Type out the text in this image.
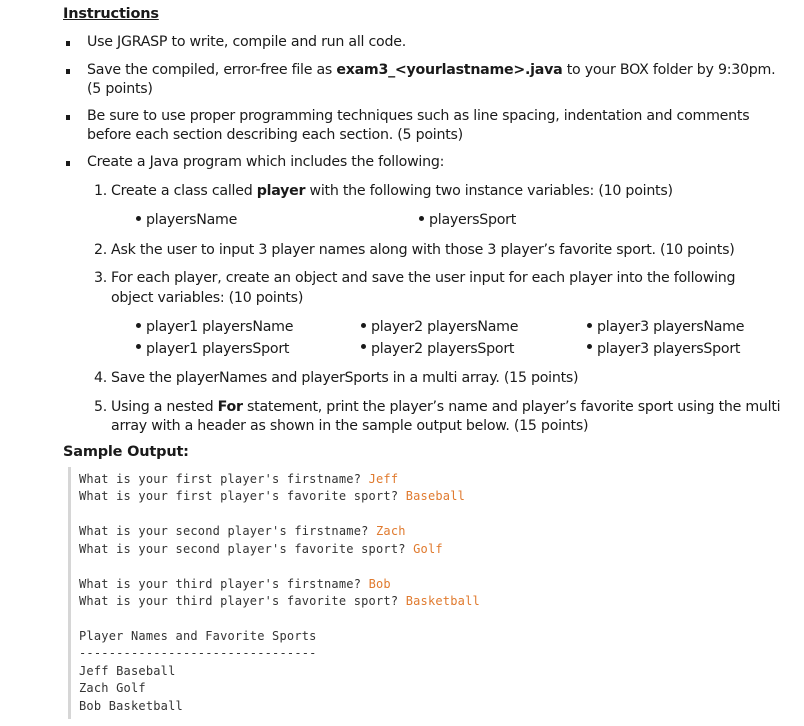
Instructions
Use JGRASP to write, compile and run all code.
Save the compiled, error-free file as exam3_<yourlastname>.java to your BOX folder by 9:30pm.
(5 points)
Be sure to use proper programming techniques such as line spacing, indentation and comments
before each section describing each section. (5 points)
Create a Java program which includes the following:
1. Create a class called player with the following two instance variables: (10 points)
playersName	playersSport
2. Ask the user to input 3 player names along with those 3 player’s favorite sport. (10 points)
3. For each player, create an object and save the user input for each player into the following
object variables: (10 points)
player1 playersName
player1 playersSport
player2 playersName
player2 playersSport
player3 playersName
player3 playersSport
4. Save the playerNames and playerSports in a multi array. (15 points)
5. Using a nested For statement, print the player’s name and player’s favorite sport using the multi
array with a header as shown in the sample output below. (15 points)
Sample Output:
What is your first player's firstname? Jeff
What is your first player's favorite sport? Baseball
What is your second player's firstname? Zach
What is your second player's favorite sport? Golf
What is your third player's firstname? Bob
What is your third player's favorite sport? Basketball
Player Names and Favorite Sports
--------------------------------
Jeff Baseball
Zach Golf
Bob Basketball
